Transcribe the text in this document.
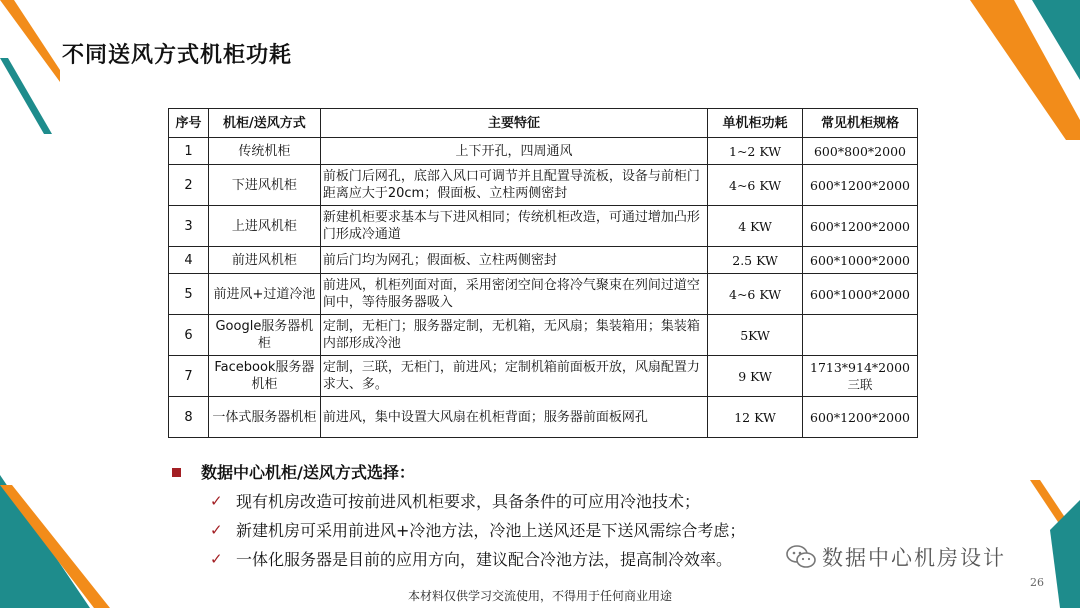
不同送风方式机柜功耗
序号	机柜/送风方式	主要特征	单机柜功耗	常见机柜规格
1	传统机柜	上下开孔，四周通风	1~2 KW	600*800*2000
2	下进风机柜	前板门后网孔，底部入风口可调节并且配置导流板，设备与前柜门距离应大于20cm；假面板、立柱两侧密封	4~6 KW	600*1200*2000
3	上进风机柜	新建机柜要求基本与下进风相同；传统机柜改造，可通过增加凸形门形成冷通道	4 KW	600*1200*2000
4	前进风机柜	前后门均为网孔；假面板、立柱两侧密封	2.5 KW	600*1000*2000
5	前进风+过道冷池	前进风，机柜列面对面，采用密闭空间仓将冷气聚束在列间过道空间中，等待服务器吸入	4~6 KW	600*1000*2000
6	Google服务器机柜	定制，无柜门；服务器定制，无机箱，无风扇；集装箱用；集装箱内部形成冷池	5KW	
7	Facebook服务器机柜	定制，三联，无柜门，前进风；定制机箱前面板开放，风扇配置力求大、多。	9 KW	1713*914*2000三联
8	一体式服务器机柜	前进风，集中设置大风扇在机柜背面；服务器前面板网孔	12 KW	600*1200*2000
数据中心机柜/送风方式选择：
✓ 现有机房改造可按前进风机柜要求，具备条件的可应用冷池技术；
✓ 新建机房可采用前进风+冷池方法，冷池上送风还是下送风需综合考虑；
✓ 一体化服务器是目前的应用方向，建议配合冷池方法，提高制冷效率。	数据中心机房设计
26
本材料仅供学习交流使用，不得用于任何商业用途
